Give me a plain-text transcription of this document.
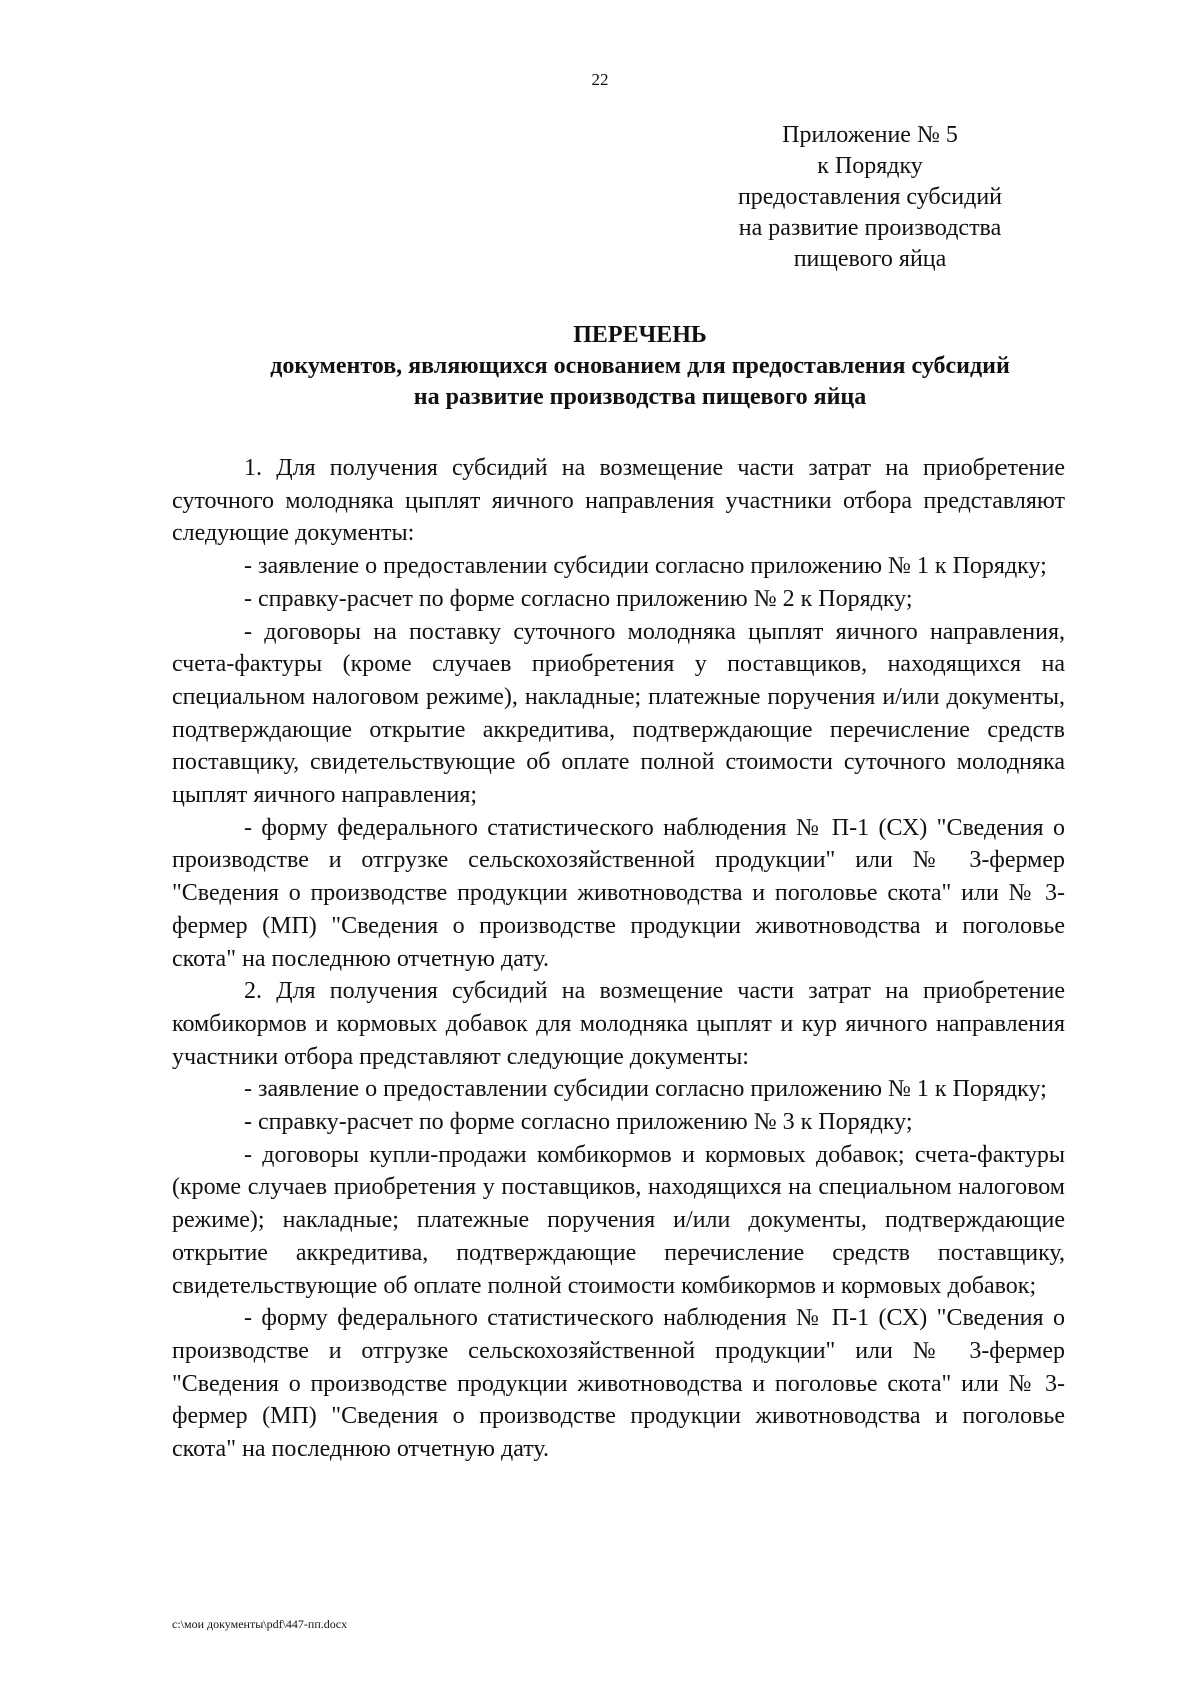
22
Приложение № 5
к Порядку
предоставления субсидий
на развитие производства
пищевого яйца
ПЕРЕЧЕНЬ
документов, являющихся основанием для предоставления субсидий
на развитие производства пищевого яйца

1. Для получения субсидий на возмещение части затрат на приобретение суточного молодняка цыплят яичного направления участники отбора представляют следующие документы:

- заявление о предоставлении субсидии согласно приложению № 1 к Порядку;

- справку-расчет по форме согласно приложению № 2 к Порядку;

- договоры на поставку суточного молодняка цыплят яичного направления, счета-фактуры (кроме случаев приобретения у поставщиков, находящихся на специальном налоговом режиме), накладные; платежные поручения и/или документы, подтверждающие открытие аккредитива, подтверждающие перечисление средств поставщику, свидетельствующие об оплате полной стоимости суточного молодняка цыплят яичного направления;

- форму федерального статистического наблюдения № П-1 (СХ) "Сведения о производстве и отгрузке сельскохозяйственной продукции" или № 3-фермер "Сведения о производстве продукции животноводства и поголовье скота" или № 3-фермер (МП) "Сведения о производстве продукции животноводства и поголовье скота" на последнюю отчетную дату.

2. Для получения субсидий на возмещение части затрат на приобретение комбикормов и кормовых добавок для молодняка цыплят и кур яичного направления участники отбора представляют следующие документы:

- заявление о предоставлении субсидии согласно приложению № 1 к Порядку;

- справку-расчет по форме согласно приложению № 3 к Порядку;

- договоры купли-продажи комбикормов и кормовых добавок; счета-фактуры (кроме случаев приобретения у поставщиков, находящихся на специальном налоговом режиме); накладные; платежные поручения и/или документы, подтверждающие открытие аккредитива, подтверждающие перечисление средств поставщику, свидетельствующие об оплате полной стоимости комбикормов и кормовых добавок;

- форму федерального статистического наблюдения № П-1 (СХ) "Сведения о производстве и отгрузке сельскохозяйственной продукции" или № 3-фермер "Сведения о производстве продукции животноводства и поголовье скота" или № 3-фермер (МП) "Сведения о производстве продукции животноводства и поголовье скота" на последнюю отчетную дату.

c:\мои документы\pdf\447-пп.docx
